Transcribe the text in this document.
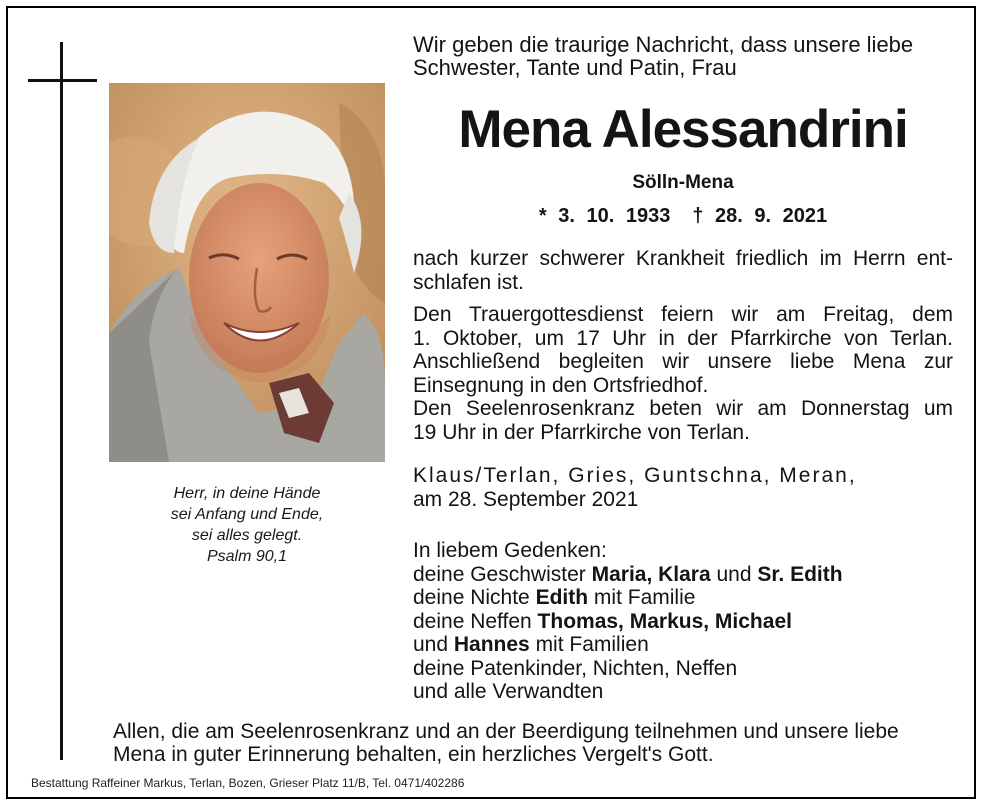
Herr, in deine Hände
sei Anfang und Ende,
sei alles gelegt.
Psalm 90,1
Wir geben die traurige Nachricht, dass unsere liebe
Schwester, Tante und Patin, Frau
Mena Alessandrini
Sölln-Mena
* 3. 10. 1933 † 28. 9. 2021
nach kurzer schwerer Krankheit friedlich im Herrn ent-
schlafen ist.
Den Trauergottesdienst feiern wir am Freitag, dem
1. Oktober, um 17 Uhr in der Pfarrkirche von Terlan.
Anschließend begleiten wir unsere liebe Mena zur
Einsegnung in den Ortsfriedhof.
Den Seelenrosenkranz beten wir am Donnerstag um
19 Uhr in der Pfarrkirche von Terlan.
Klaus/Terlan, Gries, Guntschna, Meran,
am 28. September 2021
In liebem Gedenken:
deine Geschwister Maria, Klara und Sr. Edith
deine Nichte Edith mit Familie
deine Neffen Thomas, Markus, Michael
und Hannes mit Familien
deine Patenkinder, Nichten, Neffen
und alle Verwandten
Allen, die am Seelenrosenkranz und an der Beerdigung teilnehmen und unsere liebe
Mena in guter Erinnerung behalten, ein herzliches Vergelt's Gott.
Bestattung Raffeiner Markus, Terlan, Bozen, Grieser Platz 11/B, Tel. 0471/402286
